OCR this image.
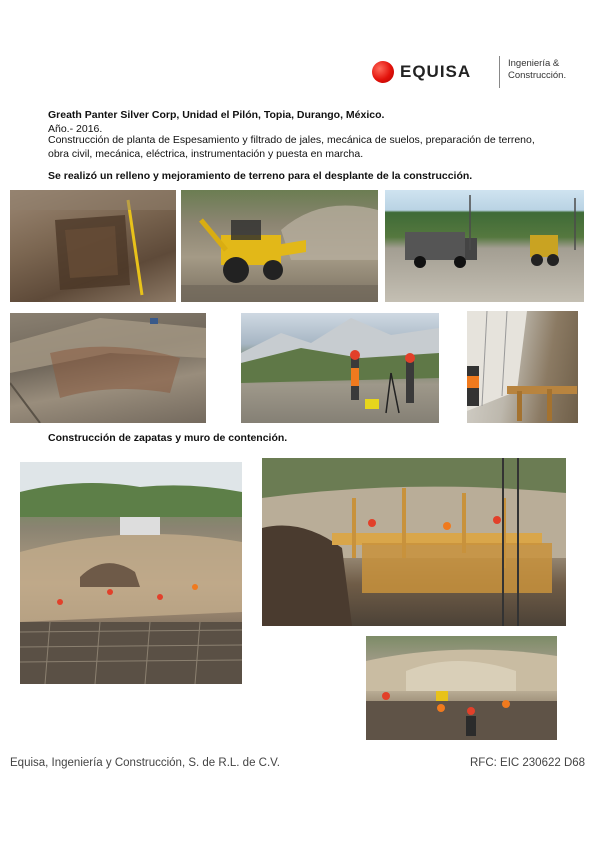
EQUISA	Ingeniería &
Construcción.
Greath Panter Silver Corp, Unidad el Pilón, Topia, Durango, México.
Año.- 2016.
Construcción de planta de Espesamiento y filtrado de jales, mecánica de suelos, preparación de terreno, obra civil, mecánica, eléctrica, instrumentación y puesta en marcha.
Se realizó un relleno y mejoramiento de terreno para el desplante de la construcción.
Construcción de zapatas y muro de contención.
Equisa, Ingeniería y Construcción, S. de R.L. de C.V.	RFC: EIC 230622 D68
